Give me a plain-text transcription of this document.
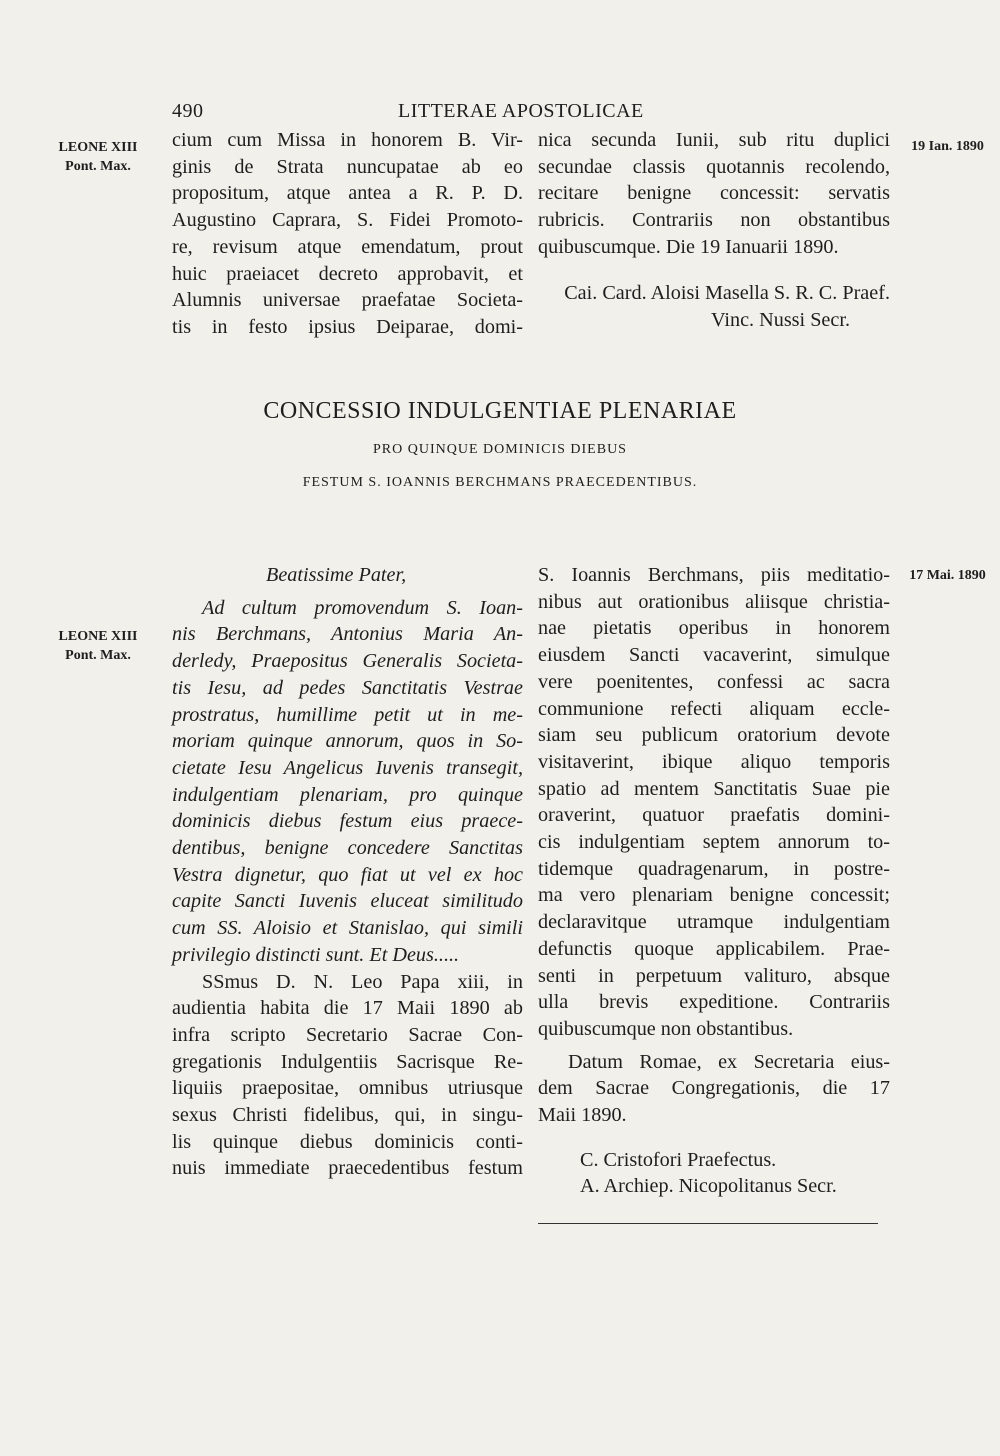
490	LITTERAE APOSTOLICAE
LEONE XIII
Pont. Max.
19 Ian. 1890
LEONE XIII
Pont. Max.
17 Mai. 1890
cium cum Missa in honorem B. Vir-
ginis de Strata nuncupatae ab eo
propositum, atque antea a R. P. D.
Augustino Caprara, S. Fidei Promoto-
re, revisum atque emendatum, prout
huic praeiacet decreto approbavit, et
Alumnis universae praefatae Societa-
tis in festo ipsius Deiparae, domi-
nica secunda Iunii, sub ritu duplici
secundae classis quotannis recolendo,
recitare benigne concessit: servatis
rubricis. Contrariis non obstantibus
quibuscumque. Die 19 Ianuarii 1890.
Cai. Card. Aloisi Masella S. R. C. Praef.
Vinc. Nussi Secr.
CONCESSIO INDULGENTIAE PLENARIAE
PRO QUINQUE DOMINICIS DIEBUS
FESTUM S. IOANNIS BERCHMANS PRAECEDENTIBUS.
Beatissime Pater,
Ad cultum promovendum S. Ioan-
nis Berchmans, Antonius Maria An-
derledy, Praepositus Generalis Societa-
tis Iesu, ad pedes Sanctitatis Vestrae
prostratus, humillime petit ut in me-
moriam quinque annorum, quos in So-
cietate Iesu Angelicus Iuvenis transegit,
indulgentiam plenariam, pro quinque
dominicis diebus festum eius praece-
dentibus, benigne concedere Sanctitas
Vestra dignetur, quo fiat ut vel ex hoc
capite Sancti Iuvenis eluceat similitudo
cum SS. Aloisio et Stanislao, qui simili
privilegio distincti sunt. Et Deus.....
SSmus D. N. Leo Papa xiii, in
audientia habita die 17 Maii 1890 ab
infra scripto Secretario Sacrae Con-
gregationis Indulgentiis Sacrisque Re-
liquiis praepositae, omnibus utriusque
sexus Christi fidelibus, qui, in singu-
lis quinque diebus dominicis conti-
nuis immediate praecedentibus festum
S. Ioannis Berchmans, piis meditatio-
nibus aut orationibus aliisque christia-
nae pietatis operibus in honorem
eiusdem Sancti vacaverint, simulque
vere poenitentes, confessi ac sacra
communione refecti aliquam eccle-
siam seu publicum oratorium devote
visitaverint, ibique aliquo temporis
spatio ad mentem Sanctitatis Suae pie
oraverint, quatuor praefatis domini-
cis indulgentiam septem annorum to-
tidemque quadragenarum, in postre-
ma vero plenariam benigne concessit;
declaravitque utramque indulgentiam
defunctis quoque applicabilem. Prae-
senti in perpetuum valituro, absque
ulla brevis expeditione. Contrariis
quibuscumque non obstantibus.
Datum Romae, ex Secretaria eius-
dem Sacrae Congregationis, die 17
Maii 1890.
C. Cristofori Praefectus.
A. Archiep. Nicopolitanus Secr.
